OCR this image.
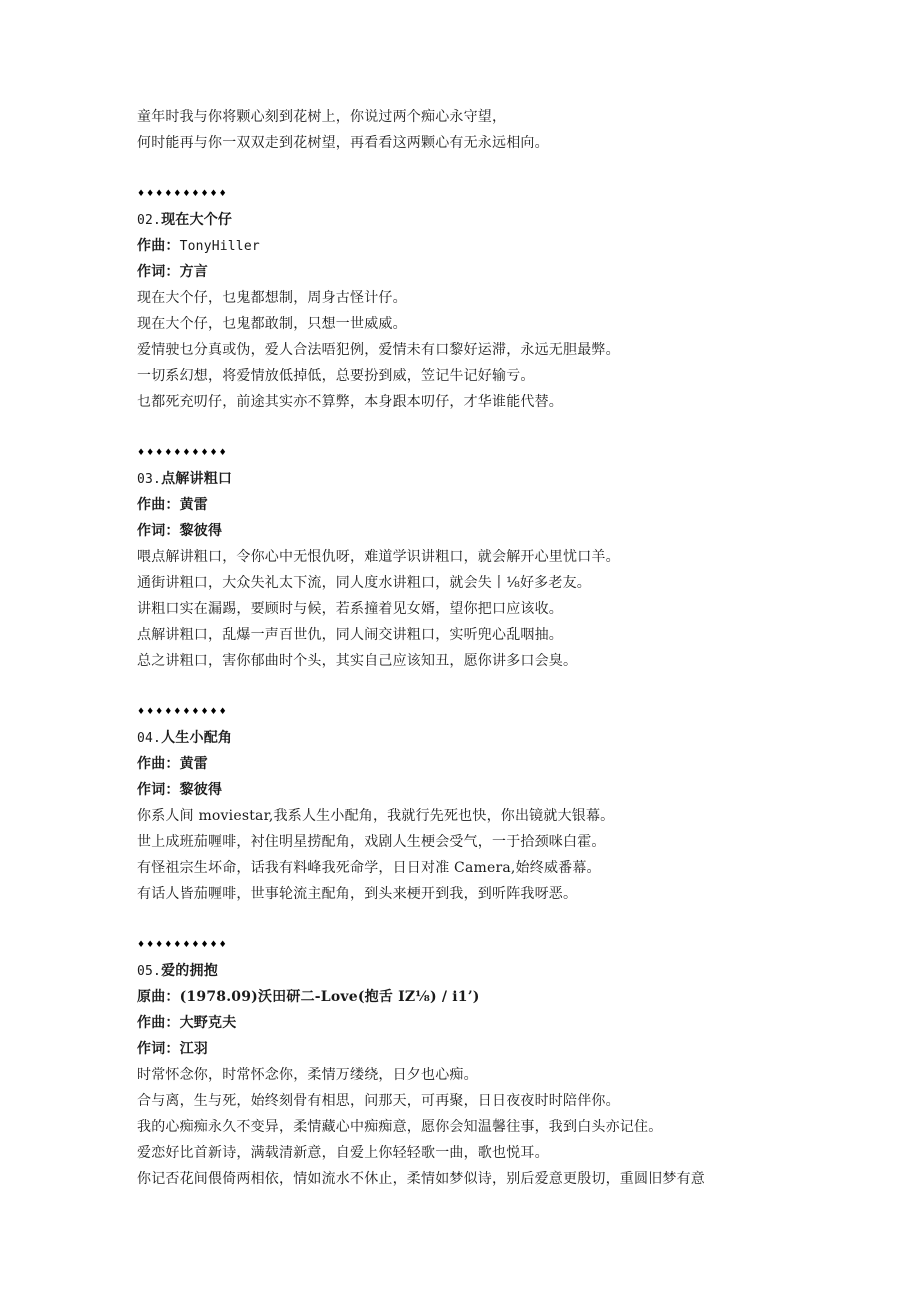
童年时我与你将颗心刻到花树上，你说过两个痴心永守望，
何时能再与你一双双走到花树望，再看看这两颗心有无永远相向。
♦♦♦♦♦♦♦♦♦♦
02.现在大个仔
作曲：TonyHiller
作词：方言
现在大个仔，乜鬼都想制，周身古怪计仔。
现在大个仔，乜鬼都敢制，只想一世威威。
爱情驶乜分真或伪，爱人合法唔犯例，爱情未有口黎好运滞，永远无胆最弊。
一切系幻想，将爱情放低掉低，总要扮到威，笠记牛记好输亏。
乜都死充叨仔，前途其实亦不算弊，本身跟本叨仔，才华谁能代替。
♦♦♦♦♦♦♦♦♦♦
03.点解讲粗口
作曲：黄雷
作词：黎彼得
喂点解讲粗口，令你心中无恨仇呀，难道学识讲粗口，就会解开心里忧口羊。
通街讲粗口，大众失礼太下流，同人度水讲粗口，就会失丨⅛好多老友。
讲粗口实在漏踢，要顾时与候，若系撞着见女婿，望你把口应该收。
点解讲粗口，乱爆一声百世仇，同人闹交讲粗口，实听兜心乱咽抽。
总之讲粗口，害你郁曲时个头，其实自己应该知丑，愿你讲多口会臭。
♦♦♦♦♦♦♦♦♦♦
04.人生小配角
作曲：黄雷
作词：黎彼得
你系人间 moviestar,我系人生小配角，我就行先死也快，你出镜就大银幕。
世上成班茄喱啡，衬住明星捞配角，戏剧人生梗会受气，一于拾颈咪白霍。
有怪祖宗生坏命，话我有料峰我死命学，日日对准 Camera,始终威番幕。
有话人皆茄喱啡，世事轮流主配角，到头来梗开到我，到听阵我呀恶。
♦♦♦♦♦♦♦♦♦♦
05.爱的拥抱
原曲：(1978.09)沃田研二-Love(抱舌 IZ⅛) / i1’)
作曲：大野克夫
作词：江羽
时常怀念你，时常怀念你，柔情万缕绕，日夕也心痴。
合与离，生与死，始终刻骨有相思，问那天，可再聚，日日夜夜时时陪伴你。
我的心痴痴永久不变异，柔情藏心中痴痴意，愿你会知温馨往事，我到白头亦记住。
爱恋好比首新诗，满载清新意，自爱上你轻轻歌一曲，歌也悦耳。
你记否花间偎倚两相依，情如流水不休止，柔情如梦似诗，别后爱意更殷切，重圆旧梦有意
